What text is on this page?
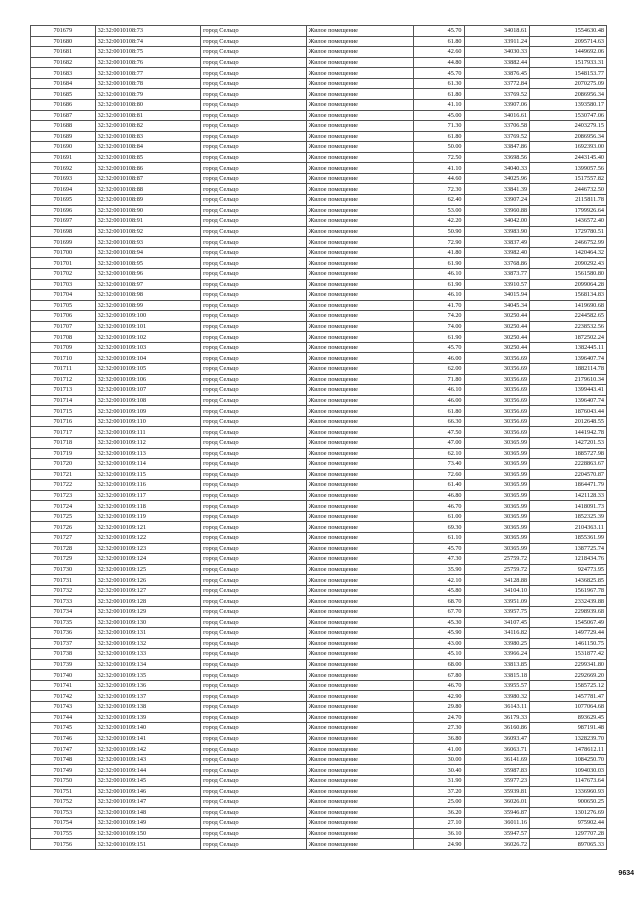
701679	32:32:0010108:73	город Сельцо	Жилое помещение	45.70	34018.61	1554630.48
701680	32:32:0010108:74	город Сельцо	Жилое помещение	61.80	33911.24	2095714.63
701681	32:32:0010108:75	город Сельцо	Жилое помещение	42.60	34030.33	1449692.06
701682	32:32:0010108:76	город Сельцо	Жилое помещение	44.80	33882.44	1517933.31
701683	32:32:0010108:77	город Сельцо	Жилое помещение	45.70	33876.45	1548153.77
701684	32:32:0010108:78	город Сельцо	Жилое помещение	61.30	33772.84	2070275.09
701685	32:32:0010108:79	город Сельцо	Жилое помещение	61.80	33769.52	2086956.34
701686	32:32:0010108:80	город Сельцо	Жилое помещение	41.10	33907.06	1393580.17
701687	32:32:0010108:81	город Сельцо	Жилое помещение	45.00	34016.61	1530747.06
701688	32:32:0010108:82	город Сельцо	Жилое помещение	71.30	33706.58	2403279.15
701689	32:32:0010108:83	город Сельцо	Жилое помещение	61.80	33769.52	2086956.34
701690	32:32:0010108:84	город Сельцо	Жилое помещение	50.00	33847.86	1692393.00
701691	32:32:0010108:85	город Сельцо	Жилое помещение	72.50	33698.56	2443145.40
701692	32:32:0010108:86	город Сельцо	Жилое помещение	41.10	34040.33	1399057.56
701693	32:32:0010108:87	город Сельцо	Жилое помещение	44.60	34025.96	1517557.82
701694	32:32:0010108:88	город Сельцо	Жилое помещение	72.30	33841.39	2446732.50
701695	32:32:0010108:89	город Сельцо	Жилое помещение	62.40	33907.24	2115811.78
701696	32:32:0010108:90	город Сельцо	Жилое помещение	53.00	33960.88	1799926.64
701697	32:32:0010108:91	город Сельцо	Жилое помещение	42.20	34042.00	1436572.40
701698	32:32:0010108:92	город Сельцо	Жилое помещение	50.90	33983.90	1729780.51
701699	32:32:0010108:93	город Сельцо	Жилое помещение	72.90	33837.49	2466752.99
701700	32:32:0010108:94	город Сельцо	Жилое помещение	41.80	33982.40	1420464.32
701701	32:32:0010108:95	город Сельцо	Жилое помещение	61.90	33768.86	2090292.43
701702	32:32:0010108:96	город Сельцо	Жилое помещение	46.10	33873.77	1561580.80
701703	32:32:0010108:97	город Сельцо	Жилое помещение	61.90	33910.57	2099064.28
701704	32:32:0010108:98	город Сельцо	Жилое помещение	46.10	34015.94	1568134.83
701705	32:32:0010108:99	город Сельцо	Жилое помещение	41.70	34045.34	1419690.68
701706	32:32:0010109:100	город Сельцо	Жилое помещение	74.20	30250.44	2244582.65
701707	32:32:0010109:101	город Сельцо	Жилое помещение	74.00	30250.44	2238532.56
701708	32:32:0010109:102	город Сельцо	Жилое помещение	61.90	30250.44	1872502.24
701709	32:32:0010109:103	город Сельцо	Жилое помещение	45.70	30250.44	1382445.11
701710	32:32:0010109:104	город Сельцо	Жилое помещение	46.00	30356.69	1396407.74
701711	32:32:0010109:105	город Сельцо	Жилое помещение	62.00	30356.69	1882114.78
701712	32:32:0010109:106	город Сельцо	Жилое помещение	71.80	30356.69	2179610.34
701713	32:32:0010109:107	город Сельцо	Жилое помещение	46.10	30356.69	1399443.41
701714	32:32:0010109:108	город Сельцо	Жилое помещение	46.00	30356.69	1396407.74
701715	32:32:0010109:109	город Сельцо	Жилое помещение	61.80	30356.69	1876043.44
701716	32:32:0010109:110	город Сельцо	Жилое помещение	66.30	30356.69	2012648.55
701717	32:32:0010109:111	город Сельцо	Жилое помещение	47.50	30356.69	1441942.78
701718	32:32:0010109:112	город Сельцо	Жилое помещение	47.00	30365.99	1427201.53
701719	32:32:0010109:113	город Сельцо	Жилое помещение	62.10	30365.99	1885727.98
701720	32:32:0010109:114	город Сельцо	Жилое помещение	73.40	30365.99	2228863.67
701721	32:32:0010109:115	город Сельцо	Жилое помещение	72.60	30365.99	2204570.87
701722	32:32:0010109:116	город Сельцо	Жилое помещение	61.40	30365.99	1864471.79
701723	32:32:0010109:117	город Сельцо	Жилое помещение	46.80	30365.99	1421128.33
701724	32:32:0010109:118	город Сельцо	Жилое помещение	46.70	30365.99	1418091.73
701725	32:32:0010109:119	город Сельцо	Жилое помещение	61.00	30365.99	1852325.39
701726	32:32:0010109:121	город Сельцо	Жилое помещение	69.30	30365.99	2104363.11
701727	32:32:0010109:122	город Сельцо	Жилое помещение	61.10	30365.99	1855361.99
701728	32:32:0010109:123	город Сельцо	Жилое помещение	45.70	30365.99	1387725.74
701729	32:32:0010109:124	город Сельцо	Жилое помещение	47.30	25759.72	1218434.76
701730	32:32:0010109:125	город Сельцо	Жилое помещение	35.90	25759.72	924773.95
701731	32:32:0010109:126	город Сельцо	Жилое помещение	42.10	34128.88	1436825.85
701732	32:32:0010109:127	город Сельцо	Жилое помещение	45.80	34104.10	1561967.78
701733	32:32:0010109:128	город Сельцо	Жилое помещение	68.70	33951.09	2332439.88
701734	32:32:0010109:129	город Сельцо	Жилое помещение	67.70	33957.75	2298939.68
701735	32:32:0010109:130	город Сельцо	Жилое помещение	45.30	34107.45	1545067.49
701736	32:32:0010109:131	город Сельцо	Жилое помещение	45.90	34116.82	1497729.44
701737	32:32:0010109:132	город Сельцо	Жилое помещение	43.00	33980.25	1461150.75
701738	32:32:0010109:133	город Сельцо	Жилое помещение	45.10	33966.24	1531877.42
701739	32:32:0010109:134	город Сельцо	Жилое помещение	68.00	33813.85	2299341.80
701740	32:32:0010109:135	город Сельцо	Жилое помещение	67.80	33815.18	2292669.20
701741	32:32:0010109:136	город Сельцо	Жилое помещение	46.70	33955.57	1585725.12
701742	32:32:0010109:137	город Сельцо	Жилое помещение	42.90	33980.32	1457781.47
701743	32:32:0010109:138	город Сельцо	Жилое помещение	29.80	36143.11	1077064.68
701744	32:32:0010109:139	город Сельцо	Жилое помещение	24.70	36179.33	893629.45
701745	32:32:0010109:140	город Сельцо	Жилое помещение	27.30	36160.86	987191.48
701746	32:32:0010109:141	город Сельцо	Жилое помещение	36.80	36093.47	1328239.70
701747	32:32:0010109:142	город Сельцо	Жилое помещение	41.00	36063.71	1478612.11
701748	32:32:0010109:143	город Сельцо	Жилое помещение	30.00	36141.69	1084250.70
701749	32:32:0010109:144	город Сельцо	Жилое помещение	30.40	35987.83	1094030.03
701750	32:32:0010109:145	город Сельцо	Жилое помещение	31.90	35977.23	1147673.64
701751	32:32:0010109:146	город Сельцо	Жилое помещение	37.20	35939.81	1336960.93
701752	32:32:0010109:147	город Сельцо	Жилое помещение	25.00	36026.01	900650.25
701753	32:32:0010109:148	город Сельцо	Жилое помещение	36.20	35946.87	1301276.69
701754	32:32:0010109:149	город Сельцо	Жилое помещение	27.10	36011.16	975902.44
701755	32:32:0010109:150	город Сельцо	Жилое помещение	36.10	35947.57	1297707.28
701756	32:32:0010109:151	город Сельцо	Жилое помещение	24.90	36026.72	897065.33
9634
